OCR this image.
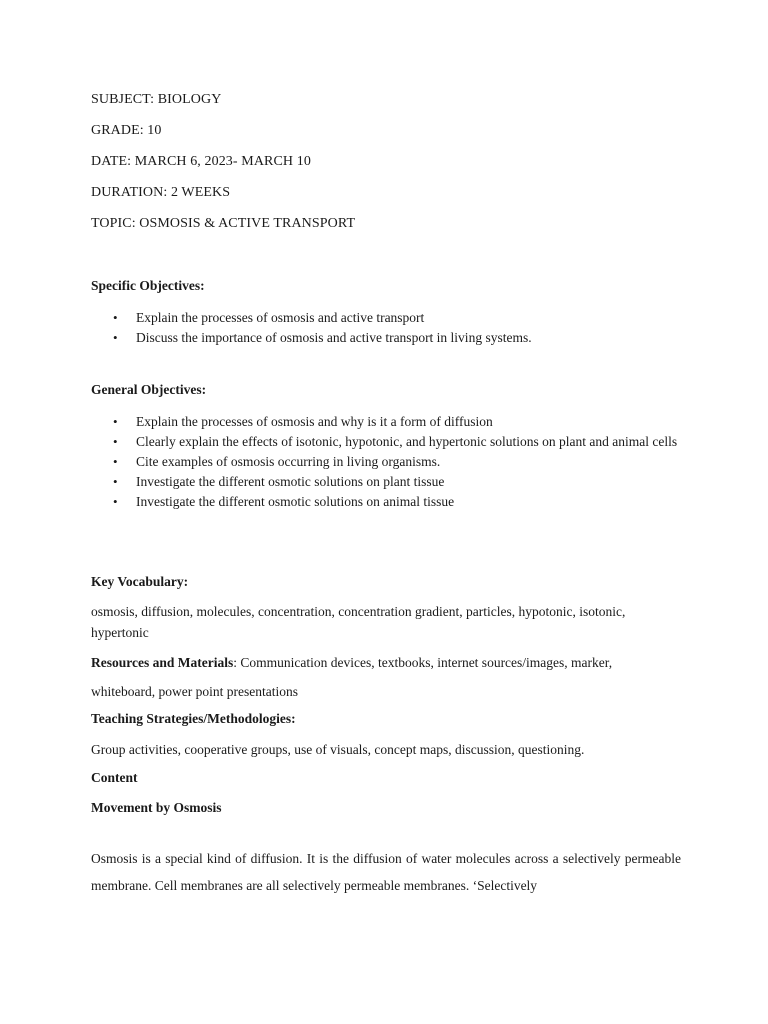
SUBJECT: BIOLOGY
GRADE: 10
DATE: MARCH 6, 2023- MARCH 10
DURATION: 2 WEEKS
TOPIC: OSMOSIS & ACTIVE TRANSPORT
Specific Objectives:
• Explain the processes of osmosis and active transport
• Discuss the importance of osmosis and active transport in living systems.
General Objectives:
• Explain the processes of osmosis and why is it a form of diffusion
• Clearly explain the effects of isotonic, hypotonic, and hypertonic solutions on plant and animal cells
• Cite examples of osmosis occurring in living organisms.
• Investigate the different osmotic solutions on plant tissue
• Investigate the different osmotic solutions on animal tissue
Key Vocabulary:
osmosis, diffusion, molecules, concentration, concentration gradient, particles, hypotonic, isotonic, hypertonic
Resources and Materials: Communication devices, textbooks, internet sources/images, marker,
whiteboard, power point presentations
Teaching Strategies/Methodologies:
Group activities, cooperative groups, use of visuals, concept maps, discussion, questioning.
Content
Movement by Osmosis
Osmosis is a special kind of diffusion. It is the diffusion of water molecules across a selectively permeable membrane. Cell membranes are all selectively permeable membranes. ‘Selectively
